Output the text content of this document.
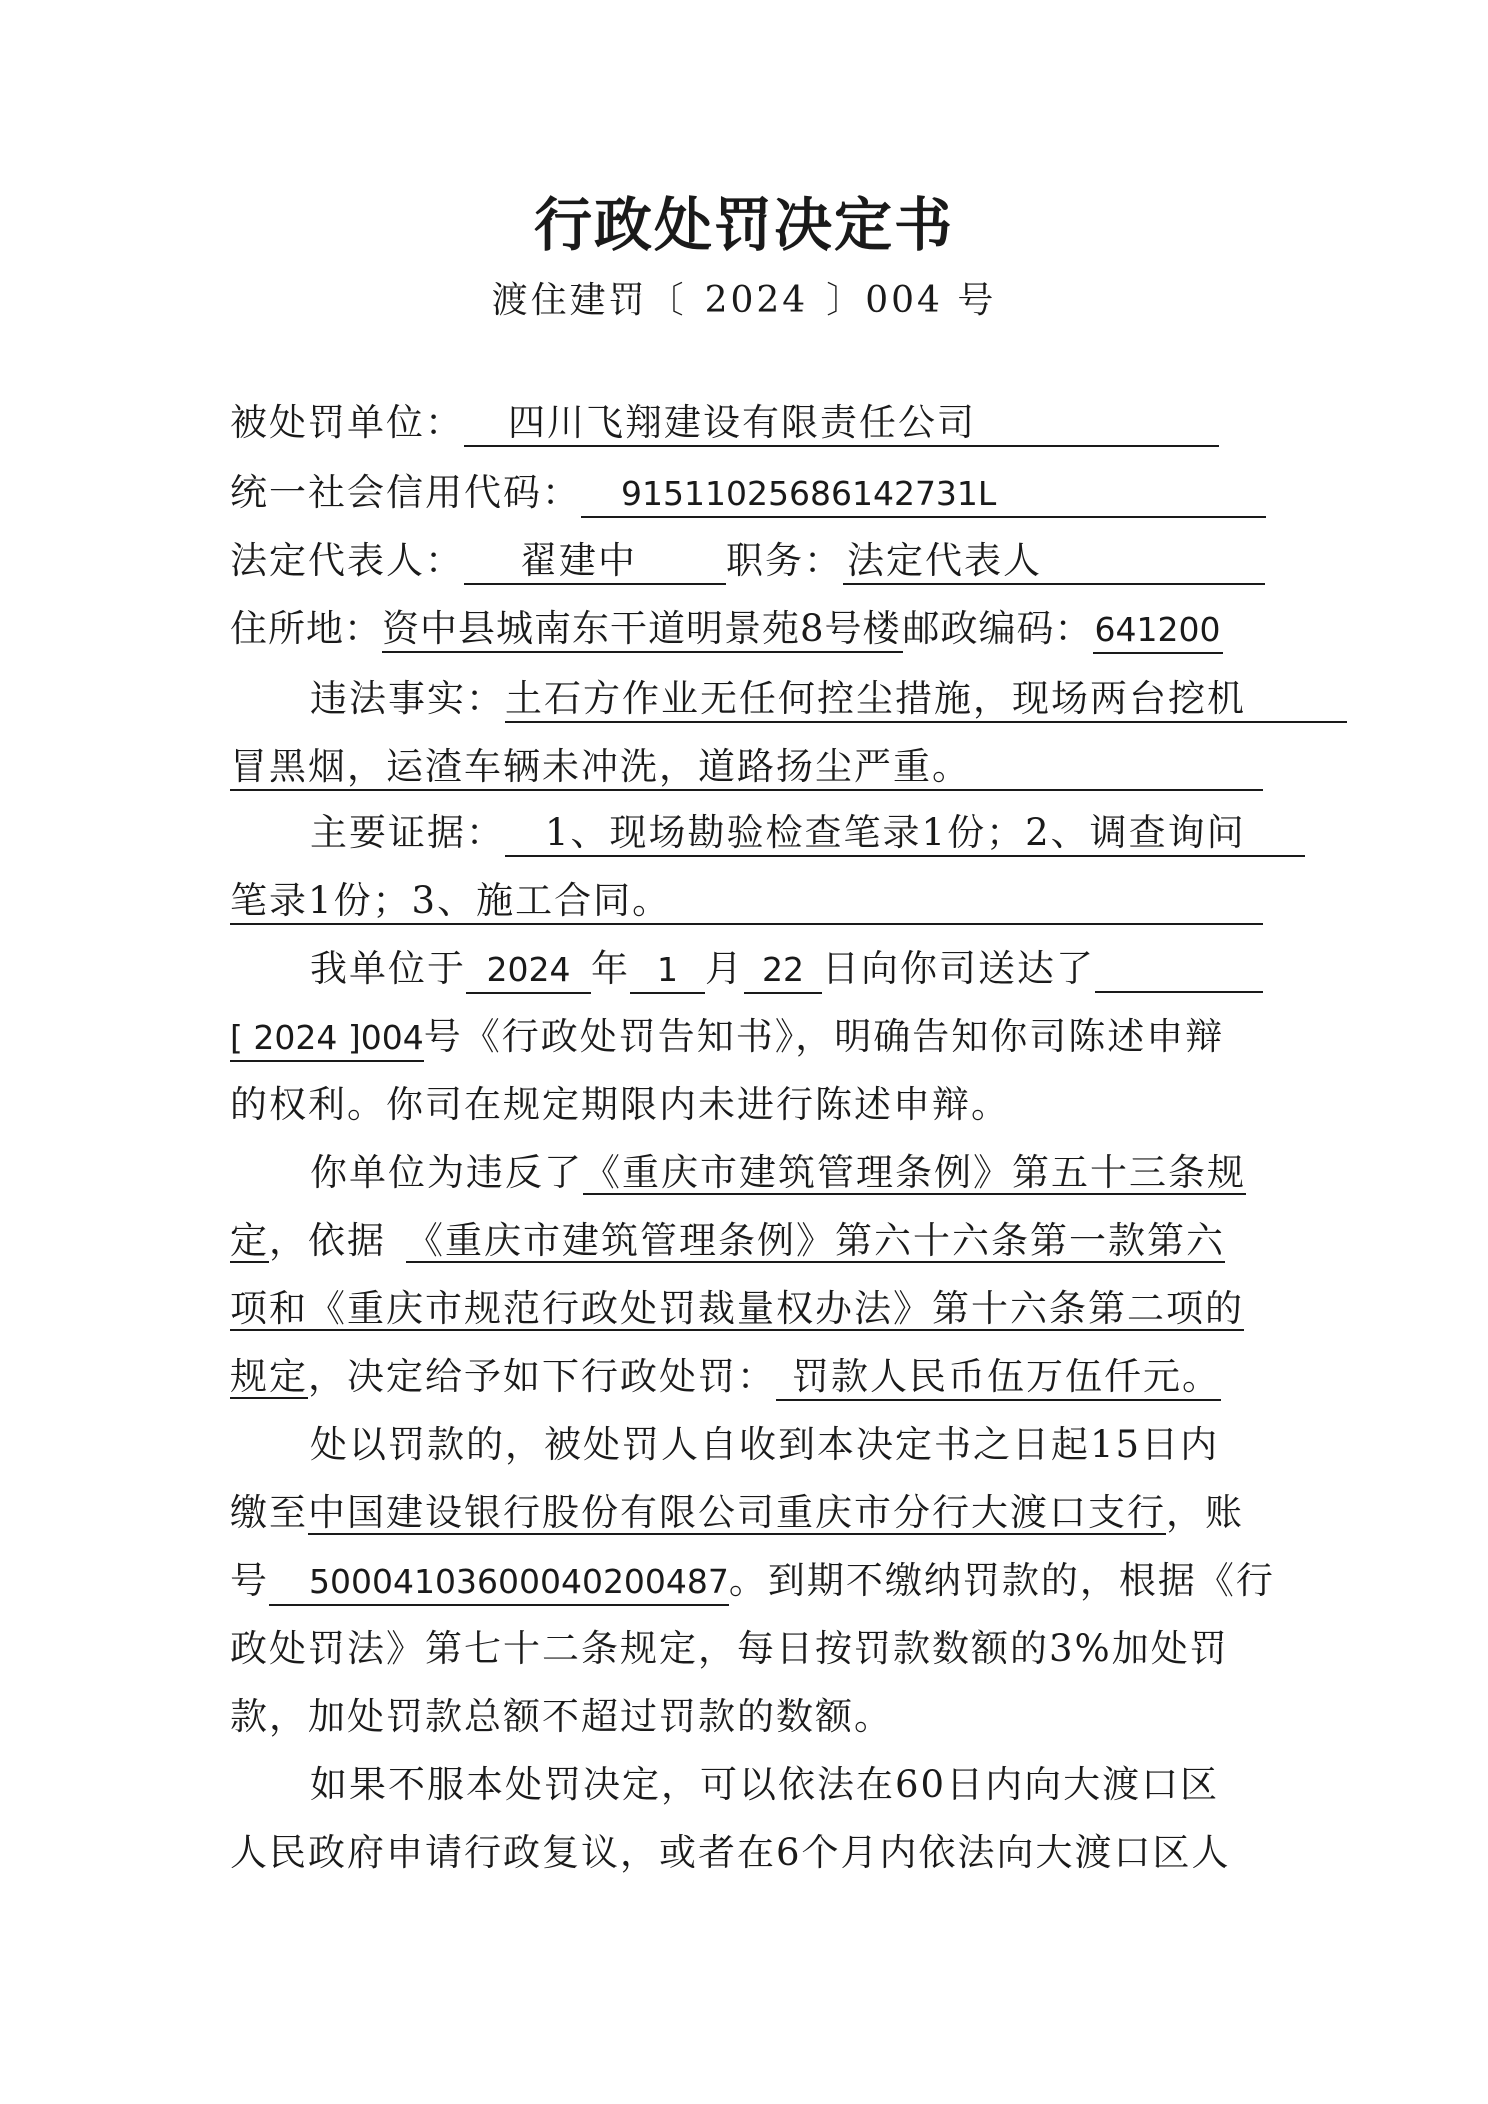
行政处罚决定书
渡住建罚〔 2024 〕004 号
被处罚单位： 四川飞翔建设有限责任公司
统一社会信用代码： 91511025686142731L
法定代表人： 翟建中 职务： 法定代表人
住所地：资中县城南东干道明景苑8号楼邮政编码：641200
违法事实：土石方作业无任何控尘措施，现场两台挖机
冒黑烟，运渣车辆未冲洗，道路扬尘严重。
主要证据： 1、现场勘验检查笔录1份；2、调查询问
笔录1份；3、施工合同。
我单位于 2024 年 1 月 22 日向你司送达了
[ 2024 ]004号《行政处罚告知书》，明确告知你司陈述申辩
的权利。你司在规定期限内未进行陈述申辩。
你单位为违反了《重庆市建筑管理条例》第五十三条规
定，依据 《重庆市建筑管理条例》第六十六条第一款第六
项和《重庆市规范行政处罚裁量权办法》第十六条第二项的
规定，决定给予如下行政处罚： 罚款人民币伍万伍仟元。
处以罚款的，被处罚人自收到本决定书之日起15日内
缴至中国建设银行股份有限公司重庆市分行大渡口支行，账
号 50004103600040200487。到期不缴纳罚款的，根据《行
政处罚法》第七十二条规定，每日按罚款数额的3%加处罚
款，加处罚款总额不超过罚款的数额。
如果不服本处罚决定，可以依法在60日内向大渡口区
人民政府申请行政复议，或者在6个月内依法向大渡口区人
